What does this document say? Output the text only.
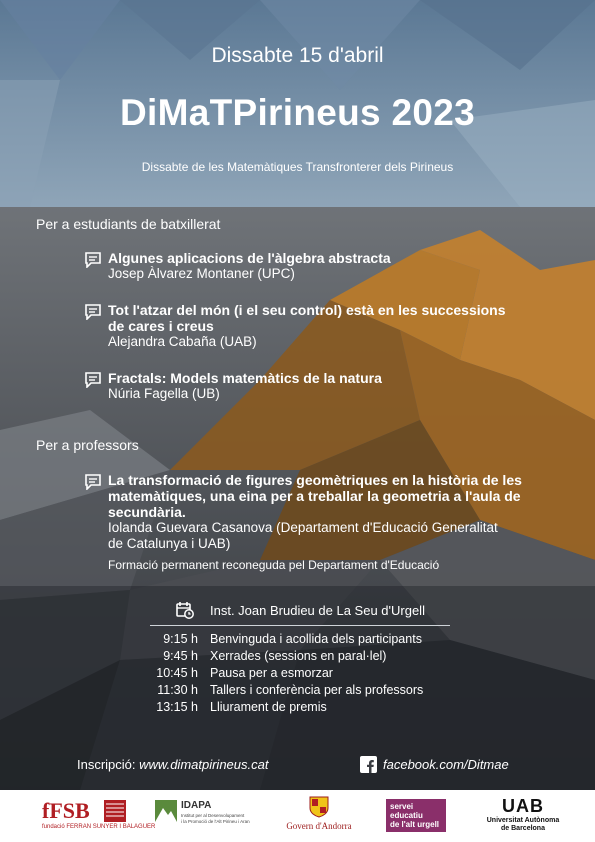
Dissabte 15 d'abril
DiMaTPirineus 2023
Dissabte de les Matemàtiques Transfronterer dels Pirineus
Per a estudiants de batxillerat
Algunes aplicacions de l'àlgebra abstracta
Josep Àlvarez Montaner (UPC)
Tot l'atzar del món (i el seu control) està en les successions
de cares i creus
Alejandra Cabaña (UAB)
Fractals: Models matemàtics de la natura
Núria Fagella (UB)
Per a professors
La transformació de figures geomètriques en la història de les
matemàtiques, una eina per a treballar la geometria a l'aula de
secundària.
Iolanda Guevara Casanova (Departament d'Educació Generalitat
de Catalunya i UAB)
Formació permanent reconeguda pel Departament d'Educació
Inst. Joan Brudieu de La Seu d'Urgell
9:15 h Benvinguda i acollida dels participants
9:45 h Xerrades (sessions en paral·lel)
10:45 h Pausa per a esmorzar
11:30 h Tallers i conferència per als professors
13:15 h Lliurament de premis
Inscripció: www.dimatpirineus.cat	facebook.com/Ditmae
fFSB
fundació FERRAN SUNYER I BALAGUER
IDAPA
Institut per al Desenvolupament
i la Promoció de l'Alt Pirineu i Aran	Govern d'Andorra
servei
educatiu
de l'alt urgell
UAB
Universitat Autònoma
de Barcelona
